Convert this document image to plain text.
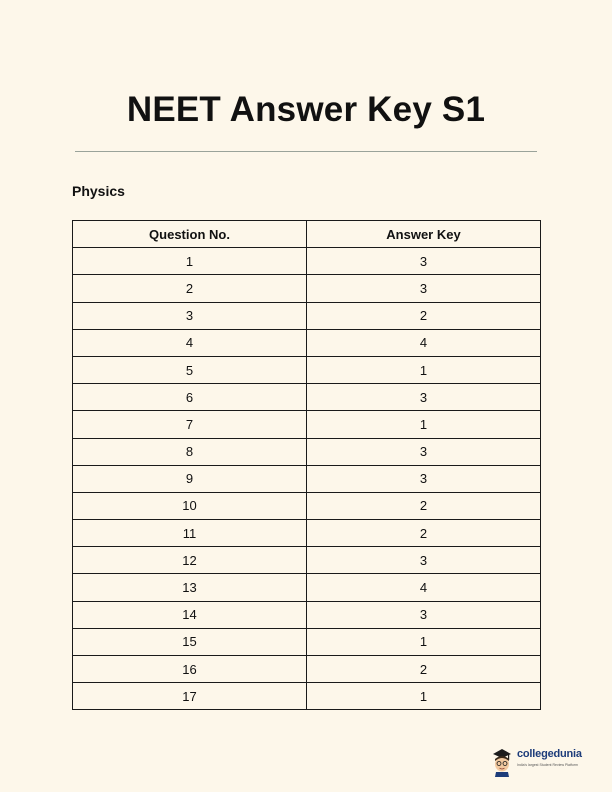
NEET Answer Key S1
Physics
Question No.	Answer Key
1	3
2	3
3	2
4	4
5	1
6	3
7	1
8	3
9	3
10	2
11	2
12	3
13	4
14	3
15	1
16	2
17	1
collegedunia
India's largest Student Review Platform
